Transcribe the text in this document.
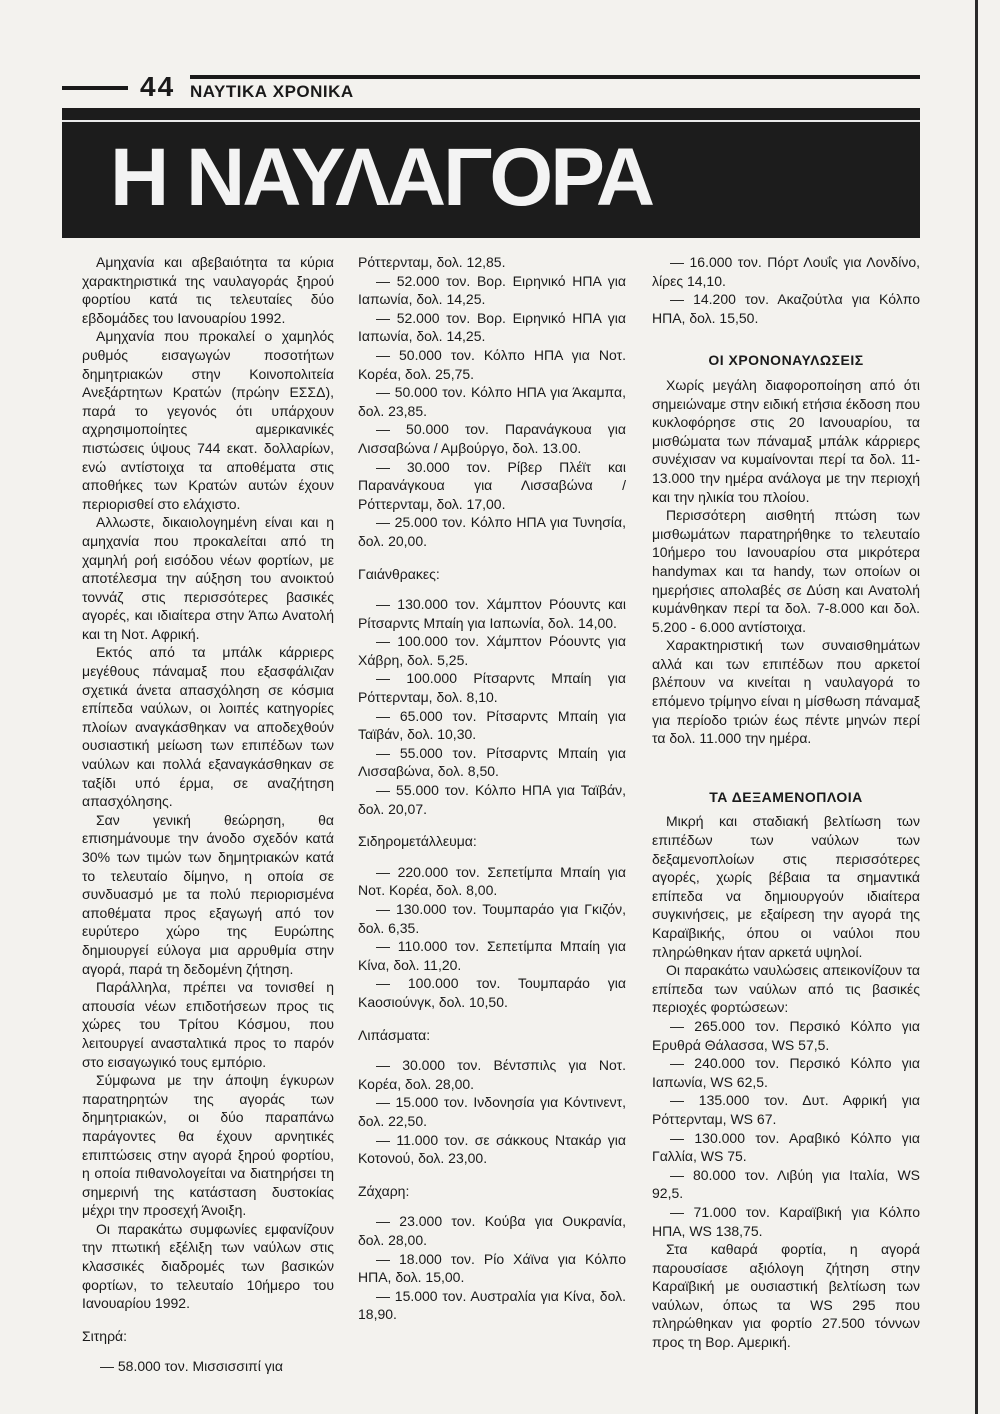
44 ΝΑΥΤΙΚΑ ΧΡΟΝΙΚΑ
Η ΝΑΥΛΑΓΟΡΑ

Αμηχανία και αβεβαιότητα τα κύρια χαρακτηριστικά της ναυλαγοράς ξηρού φορτίου κατά τις τελευταίες δύο εβδομάδες του Ιανουαρίου 1992.

Αμηχανία που προκαλεί ο χαμηλός ρυθμός εισαγωγών ποσοτήτων δημητριακών στην Κοινοπολιτεία Ανεξάρτητων Κρατών (πρώην ΕΣΣΔ), παρά το γεγονός ότι υπάρχουν αχρησιμοποίητες αμερικανικές πιστώσεις ύψους 744 εκατ. δολλαρίων, ενώ αντίστοιχα τα αποθέματα στις αποθήκες των Κρατών αυτών έχουν περιορισθεί στο ελάχιστο.

Αλλωστε, δικαιολογημένη είναι και η αμηχανία που προκαλείται από τη χαμηλή ροή εισόδου νέων φορτίων, με αποτέλεσμα την αύξηση του ανοικτού τοννάζ στις περισσότερες βασικές αγορές, και ιδιαίτερα στην Άπω Ανατολή και τη Νοτ. Αφρική.

Εκτός από τα μπάλκ κάρριερς μεγέθους πάναμαξ που εξασφάλιζαν σχετικά άνετα απασχόληση σε κόσμια επίπεδα ναύλων, οι λοιπές κατηγορίες πλοίων αναγκάσθηκαν να αποδεχθούν ουσιαστική μείωση των επιπέδων των ναύλων και πολλά εξαναγκάσθηκαν σε ταξίδι υπό έρμα, σε αναζήτηση απασχόλησης.

Σαν γενική θεώρηση, θα επισημάνουμε την άνοδο σχεδόν κατά 30% των τιμών των δημητριακών κατά το τελευταίο δίμηνο, η οποία σε συνδυασμό με τα πολύ περιορισμένα αποθέματα προς εξαγωγή από τον ευρύτερο χώρο της Ευρώπης δημιουργεί εύλογα μια αρρυθμία στην αγορά, παρά τη δεδομένη ζήτηση.

Παράλληλα, πρέπει να τονισθεί η απουσία νέων επιδοτήσεων προς τις χώρες του Τρίτου Κόσμου, που λειτουργεί ανασταλτικά προς το παρόν στο εισαγωγικό τους εμπόριο.

Σύμφωνα με την άποψη έγκυρων παρατηρητών της αγοράς των δημητριακών, οι δύο παραπάνω παράγοντες θα έχουν αρνητικές επιπτώσεις στην αγορά ξηρού φορτίου, η οποία πιθανολογείται να διατηρήσει τη σημερινή της κατάσταση δυστοκίας μέχρι την προσεχή Άνοιξη.

Οι παρακάτω συμφωνίες εμφανίζουν την πτωτική εξέλιξη των ναύλων στις κλασσικές διαδρομές των βασικών φορτίων, το τελευταίο 10ήμερο του Ιανουαρίου 1992.

Σιτηρά:

— 58.000 τον. Μισσισσιπί για

Ρόττερνταμ, δολ. 12,85.

— 52.000 τον. Βορ. Ειρηνικό ΗΠΑ για Ιαπωνία, δολ. 14,25.

— 52.000 τον. Βορ. Ειρηνικό ΗΠΑ για Ιαπωνία, δολ. 14,25.

— 50.000 τον. Κόλπο ΗΠΑ για Νοτ. Κορέα, δολ. 25,75.

— 50.000 τον. Κόλπο ΗΠΑ για Άκαμπα, δολ. 23,85.

— 50.000 τον. Παρανάγκουα για Λισσαβώνα / Αμβούργο, δολ. 13.00.

— 30.000 τον. Ρίβερ Πλέϊτ και Παρανάγκουα για Λισσαβώνα / Ρόττερνταμ, δολ. 17,00.

— 25.000 τον. Κόλπο ΗΠΑ για Τυνησία, δολ. 20,00.

Γαιάνθρακες:

— 130.000 τον. Χάμπτον Ρόουντς και Ρίτσαρντς Μπαίη για Ιαπωνία, δολ. 14,00.

— 100.000 τον. Χάμπτον Ρόουντς για Χάβρη, δολ. 5,25.

— 100.000 Ρίτσαρντς Μπαίη για Ρόττερνταμ, δολ. 8,10.

— 65.000 τον. Ρίτσαρντς Μπαίη για Ταϊβάν, δολ. 10,30.

— 55.000 τον. Ρίτσαρντς Μπαίη για Λισσαβώνα, δολ. 8,50.

— 55.000 τον. Κόλπο ΗΠΑ για Ταϊβάν, δολ. 20,07.

Σιδηρομετάλλευμα:

— 220.000 τον. Σεπετίμπα Μπαίη για Νοτ. Κορέα, δολ. 8,00.

— 130.000 τον. Τουμπαράο για Γκιζόν, δολ. 6,35.

— 110.000 τον. Σεπετίμπα Μπαίη για Κίνα, δολ. 11,20.

— 100.000 τον. Τουμπαράο για Κaoσιούνγκ, δολ. 10,50.

Λιπάσματα:

— 30.000 τον. Βέντσπιλς για Νοτ. Κορέα, δολ. 28,00.

— 15.000 τον. Ινδονησία για Κόντινεντ, δολ. 22,50.

— 11.000 τον. σε σάκκους Ντακάρ για Κοτονού, δολ. 23,00.

Ζάχαρη:

— 23.000 τον. Κούβα για Ουκρανία, δολ. 28,00.

— 18.000 τον. Ρίο Χάϊνα για Κόλπο ΗΠΑ, δολ. 15,00.

— 15.000 τον. Αυστραλία για Κίνα, δολ. 18,90.

— 16.000 τον. Πόρτ Λουΐς για Λονδίνο, λίρες 14,10.

— 14.200 τον. Ακαζούτλα για Κόλπο ΗΠΑ, δολ. 15,50.

ΟΙ ΧΡΟΝΟΝΑΥΛΩΣΕΙΣ

Χωρίς μεγάλη διαφοροποίηση από ότι σημειώναμε στην ειδική ετήσια έκδοση που κυκλοφόρησε στις 20 Ιανουαρίου, τα μισθώματα των πάναμαξ μπάλκ κάρριερς συνέχισαν να κυμαίνονται περί τα δολ. 11-13.000 την ημέρα ανάλογα με την περιοχή και την ηλικία του πλοίου.

Περισσότερη αισθητή πτώση των μισθωμάτων παρατηρήθηκε το τελευταίο 10ήμερο του Ιανουαρίου στα μικρότερα handymax και τα handy, των οποίων οι ημερήσιες απολαβές σε Δύση και Ανατολή κυμάνθηκαν περί τα δολ. 7-8.000 και δολ. 5.200 - 6.000 αντίστοιχα.

Χαρακτηριστική των συναισθημάτων αλλά και των επιπέδων που αρκετοί βλέπουν να κινείται η ναυλαγορά το επόμενο τρίμηνο είναι η μίσθωση πάναμαξ για περίοδο τριών έως πέντε μηνών περί τα δολ. 11.000 την ημέρα.

ΤΑ ΔΕΞΑΜΕΝΟΠΛΟΙΑ

Μικρή και σταδιακή βελτίωση των επιπέδων των ναύλων των δεξαμενοπλοίων στις περισσότερες αγορές, χωρίς βέβαια τα σημαντικά επίπεδα να δημιουργούν ιδιαίτερα συγκινήσεις, με εξαίρεση την αγορά της Καραϊβικής, όπου οι ναύλοι που πληρώθηκαν ήταν αρκετά υψηλοί.

Οι παρακάτω ναυλώσεις απεικονίζουν τα επίπεδα των ναύλων από τις βασικές περιοχές φορτώσεων:

— 265.000 τον. Περσικό Κόλπο για Ερυθρά Θάλασσα, WS 57,5.

— 240.000 τον. Περσικό Κόλπο για Ιαπωνία, WS 62,5.

— 135.000 τον. Δυτ. Αφρική για Ρόττερνταμ, WS 67.

— 130.000 τον. Αραβικό Κόλπο για Γαλλία, WS 75.

— 80.000 τον. Λιβύη για Ιταλία, WS 92,5.

— 71.000 τον. Καραϊβική για Κόλπο ΗΠΑ, WS 138,75.

Στα καθαρά φορτία, η αγορά παρουσίασε αξιόλογη ζήτηση στην Καραϊβική με ουσιαστική βελτίωση των ναύλων, όπως τα WS 295 που πληρώθηκαν για φορτίο 27.500 τόννων προς τη Βορ. Αμερική.
